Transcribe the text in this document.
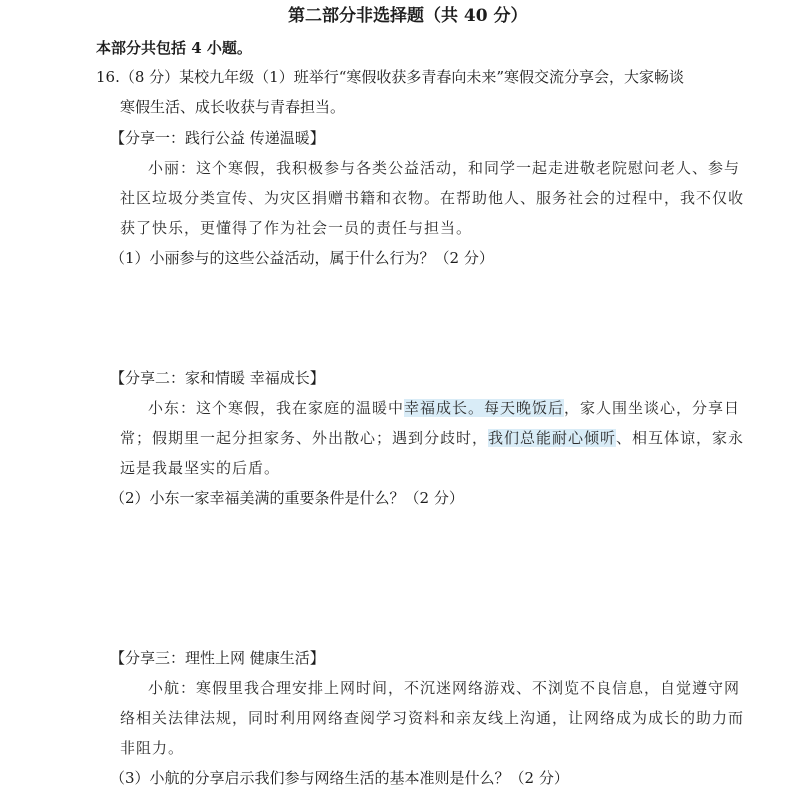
第二部分非选择题（共 40 分）
本部分共包括 4 小题。
16.（8 分）某校九年级（1）班举行“寒假收获多青春向未来”寒假交流分享会，大家畅谈
寒假生活、成长收获与青春担当。
【分享一：践行公益 传递温暖】
小丽：这个寒假，我积极参与各类公益活动，和同学一起走进敬老院慰问老人、参与
社区垃圾分类宣传、为灾区捐赠书籍和衣物。在帮助他人、服务社会的过程中，我不仅收
获了快乐，更懂得了作为社会一员的责任与担当。
（1）小丽参与的这些公益活动，属于什么行为？（2 分）
【分享二：家和情暖 幸福成长】
小东：这个寒假，我在家庭的温暖中幸福成长。每天晚饭后，家人围坐谈心，分享日
常；假期里一起分担家务、外出散心；遇到分歧时，我们总能耐心倾听、相互体谅，家永
远是我最坚实的后盾。
（2）小东一家幸福美满的重要条件是什么？（2 分）
【分享三：理性上网 健康生活】
小航：寒假里我合理安排上网时间，不沉迷网络游戏、不浏览不良信息，自觉遵守网
络相关法律法规，同时利用网络查阅学习资料和亲友线上沟通，让网络成为成长的助力而
非阻力。
（3）小航的分享启示我们参与网络生活的基本准则是什么？（2 分）
